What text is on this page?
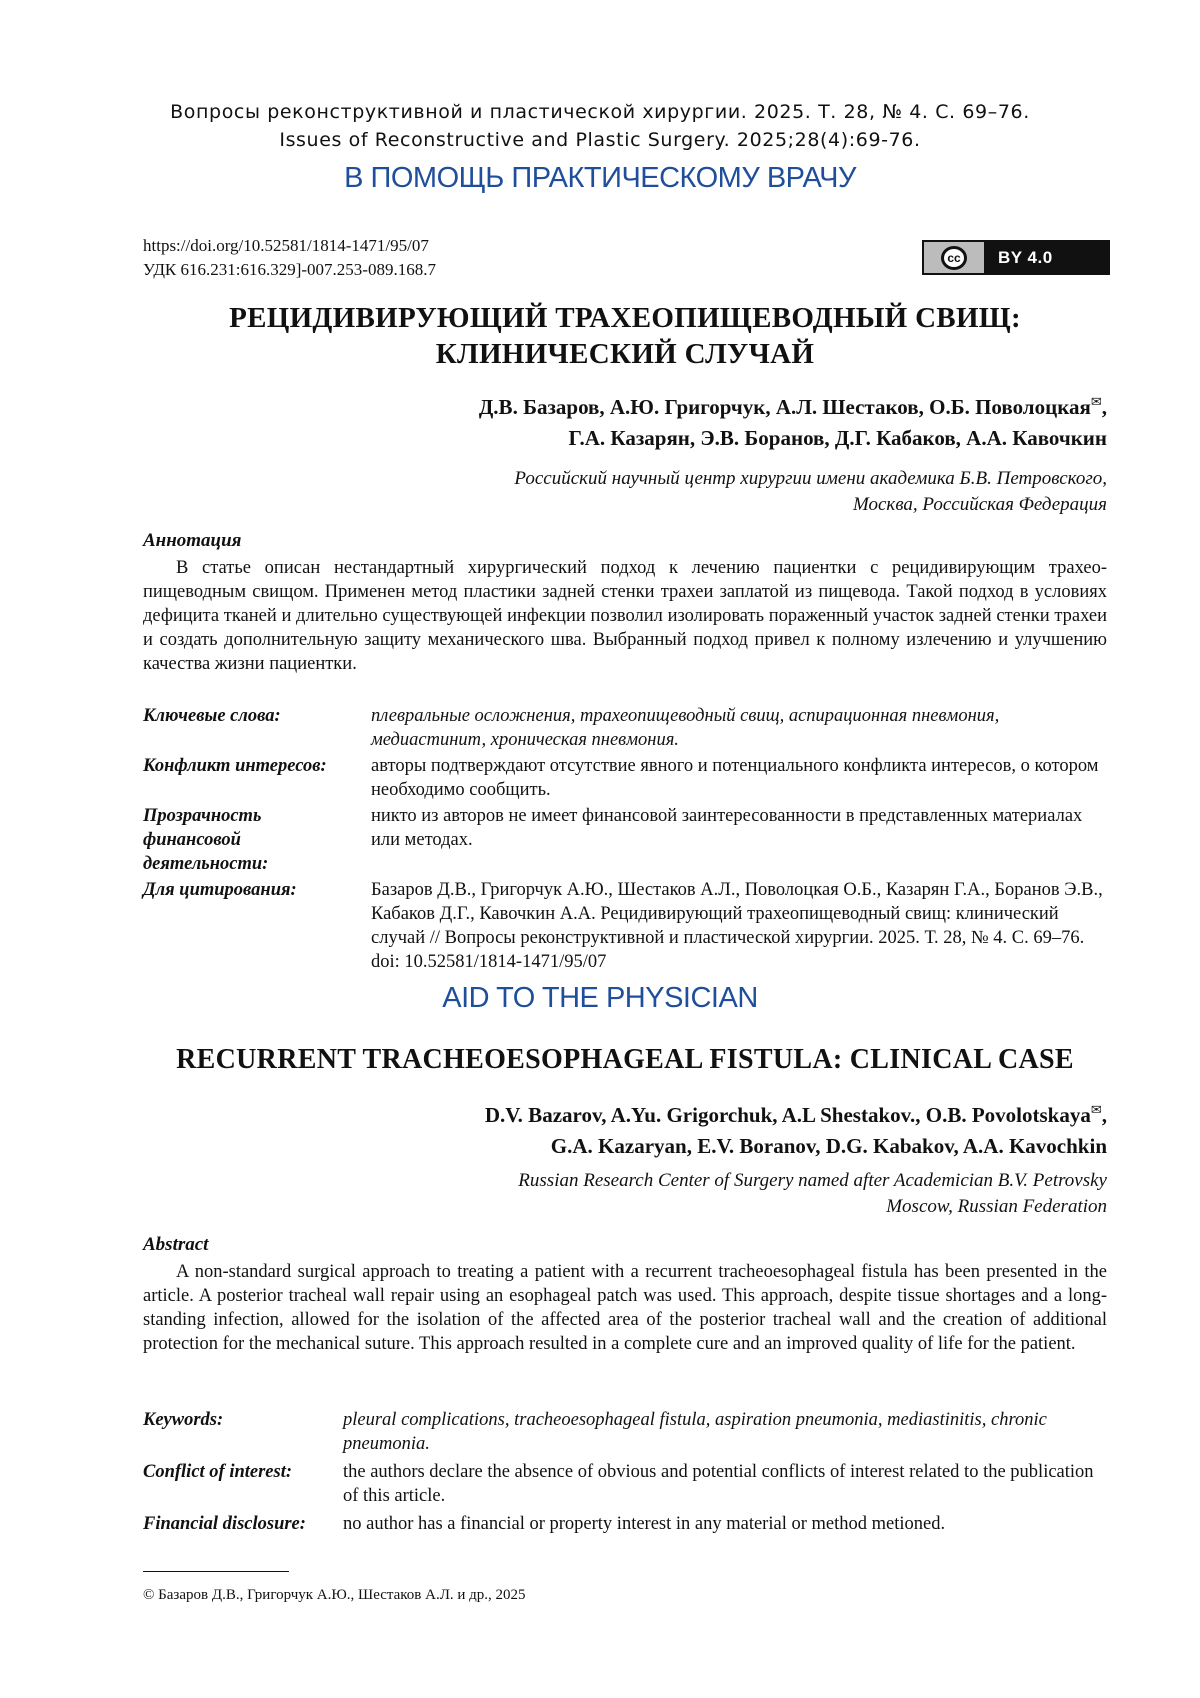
Вопросы реконструктивной и пластической хирургии. 2025. Т. 28, № 4. С. 69–76.
Issues of Reconstructive and Plastic Surgery. 2025;28(4):69-76.
В ПОМОЩЬ ПРАКТИЧЕСКОМУ ВРАЧУ
https://doi.org/10.52581/1814-1471/95/07
УДК 616.231:616.329]-007.253-089.168.7
cc	BY 4.0
РЕЦИДИВИРУЮЩИЙ ТРАХЕОПИЩЕВОДНЫЙ СВИЩ:
КЛИНИЧЕСКИЙ СЛУЧАЙ
Д.В. Базаров, А.Ю. Григорчук, А.Л. Шестаков, О.Б. Поволоцкая✉,
Г.А. Казарян, Э.В. Боранов, Д.Г. Кабаков, А.А. Кавочкин
Российский научный центр хирургии имени академика Б.В. Петровского,
Москва, Российская Федерация
Аннотация
В статье описан нестандартный хирургический подход к лечению пациентки с рецидивирующим трахео-пищеводным свищом. Применен метод пластики задней стенки трахеи заплатой из пищевода. Такой подход в условиях дефицита тканей и длительно существующей инфекции позволил изолировать пораженный участок задней стенки трахеи и создать дополнительную защиту механического шва. Выбранный подход привел к полному излечению и улучшению качества жизни пациентки.
Ключевые слова:	плевральные осложнения, трахеопищеводный свищ, аспирационная пневмония, медиастинит, хроническая пневмония.
Конфликт интересов:	авторы подтверждают отсутствие явного и потенциального конфликта интересов, о котором необходимо сообщить.
Прозрачность финансовой деятельности:
никто из авторов не имеет финансовой заинтересованности в представленных материалах или методах.
Для цитирования:	Базаров Д.В., Григорчук А.Ю., Шестаков А.Л., Поволоцкая О.Б., Казарян Г.А., Боранов Э.В., Кабаков Д.Г., Кавочкин А.А. Рецидивирующий трахеопищеводный свищ: клинический случай // Вопросы реконструктивной и пластической хирургии. 2025. Т. 28, № 4. С. 69–76. doi: 10.52581/1814-1471/95/07
AID TO THE PHYSICIAN
RECURRENT TRACHEOESOPHAGEAL FISTULA: CLINICAL CASE
D.V. Bazarov, A.Yu. Grigorchuk, A.L Shestakov., O.B. Povolotskaya✉,
G.A. Kazaryan, E.V. Boranov, D.G. Kabakov, A.A. Kavochkin
Russian Research Center of Surgery named after Academician B.V. Petrovsky
Moscow, Russian Federation
Abstract
A non-standard surgical approach to treating a patient with a recurrent tracheoesophageal fistula has been presented in the article. A posterior tracheal wall repair using an esophageal patch was used. This approach, despite tissue shortages and a long-standing infection, allowed for the isolation of the affected area of the posterior tracheal wall and the creation of additional protection for the mechanical suture. This approach resulted in a complete cure and an improved quality of life for the patient.
Keywords:	pleural complications, tracheoesophageal fistula, aspiration pneumonia, mediastinitis, chronic pneumonia.
Conflict of interest:	the authors declare the absence of obvious and potential conflicts of interest related to the publication of this article.
Financial disclosure:	no author has a financial or property interest in any material or method metioned.
© Базаров Д.В., Григорчук А.Ю., Шестаков А.Л. и др., 2025
